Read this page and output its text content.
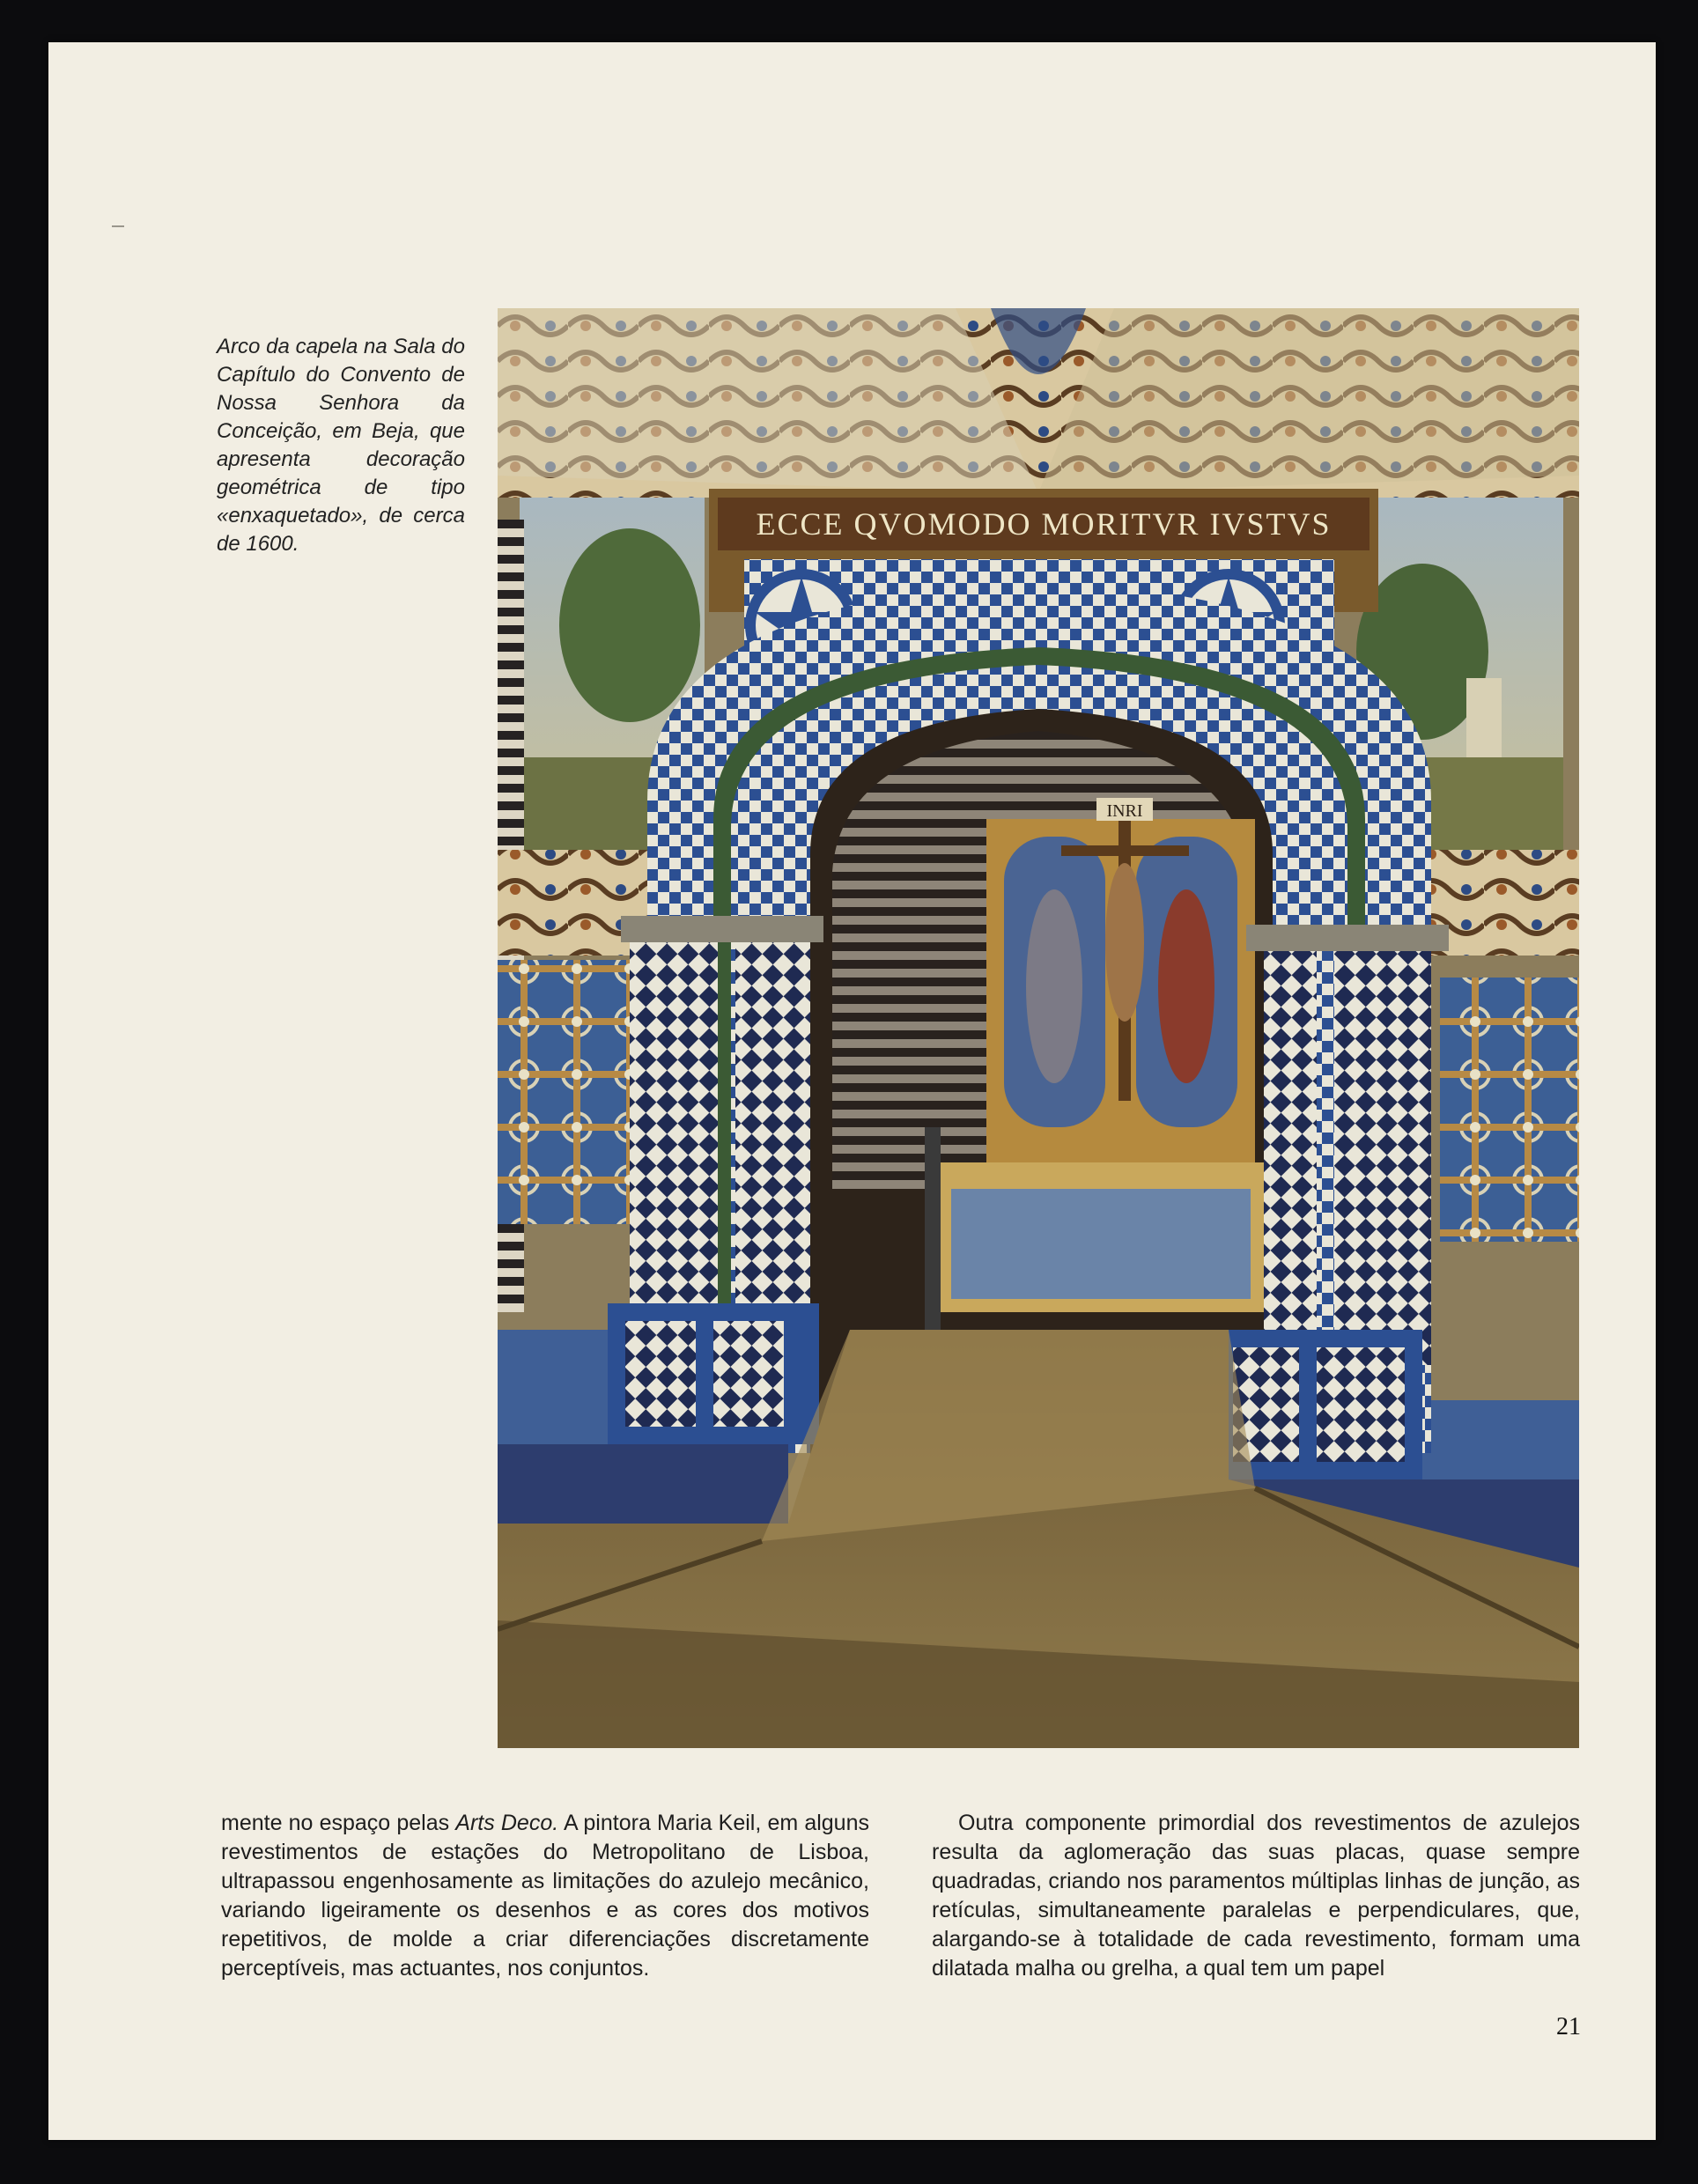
Arco da capela na Sala do Capítulo do Convento de Nossa Senhora da Conceição, em Beja, que apresenta decoração geométrica de tipo «enxaquetado», de cerca de 1600.

ECCE QVOMODO MORITVR IVSTVS
INRI

mente no espaço pelas Arts Deco. A pintora Maria Keil, em alguns revestimentos de estações do Metropolitano de Lisboa, ultrapassou engenhosamente as limitações do azulejo mecânico, variando ligeiramente os desenhos e as cores dos motivos repetitivos, de molde a criar diferenciações discretamente perceptíveis, mas actuantes, nos conjuntos.

Outra componente primordial dos revestimentos de azulejos resulta da aglomeração das suas placas, quase sempre quadradas, criando nos paramentos múltiplas linhas de junção, as retículas, simultaneamente paralelas e perpendiculares, que, alargando-se à totalidade de cada revestimento, formam uma dilatada malha ou grelha, a qual tem um papel

21
